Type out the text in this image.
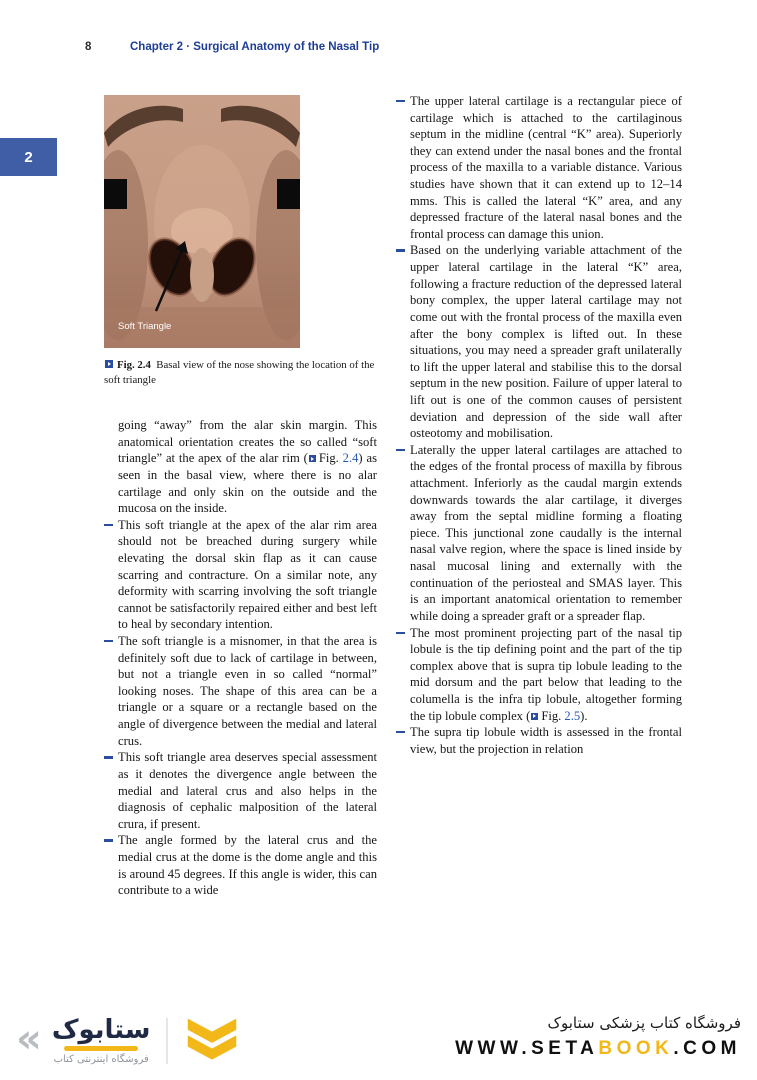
8	Chapter 2 · Surgical Anatomy of the Nasal Tip
2
Soft Triangle
Fig. 2.4 Basal view of the nose showing the location of the soft triangle

going “away” from the alar skin margin. This anatomical orientation creates the so called “soft triangle” at the apex of the alar rim ( Fig. 2.4) as seen in the basal view, where there is no alar cartilage and only skin on the outside and the mucosa on the inside.

This soft triangle at the apex of the alar rim area should not be breached during surgery while elevating the dorsal skin flap as it can cause scarring and contracture. On a similar note, any deformity with scarring involving the soft triangle cannot be satisfactorily repaired either and best left to heal by secondary intention.

The soft triangle is a misnomer, in that the area is definitely soft due to lack of cartilage in between, but not a triangle even in so called “normal” looking noses. The shape of this area can be a triangle or a square or a rectangle based on the angle of divergence between the medial and lateral crus.

This soft triangle area deserves special assessment as it denotes the divergence angle between the medial and lateral crus and also helps in the diagnosis of cephalic malposition of the lateral crura, if present.

The angle formed by the lateral crus and the medial crus at the dome is the dome angle and this is around 45 degrees. If this angle is wider, this can contribute to a wide

The upper lateral cartilage is a rectangular piece of cartilage which is attached to the cartilaginous septum in the midline (central “K” area). Superiorly they can extend under the nasal bones and the frontal process of the maxilla to a variable distance. Various studies have shown that it can extend up to 12–14 mms. This is called the lateral “K” area, and any depressed fracture of the lateral nasal bones and the frontal process can damage this union.

Based on the underlying variable attachment of the upper lateral cartilage in the lateral “K” area, following a fracture reduction of the depressed lateral bony complex, the upper lateral cartilage may not come out with the frontal process of the maxilla even after the bony complex is lifted out. In these situations, you may need a spreader graft unilaterally to lift the upper lateral and stabilise this to the dorsal septum in the new position. Failure of upper lateral to lift out is one of the common causes of persistent deviation and depression of the side wall after osteotomy and mobilisation.

Laterally the upper lateral cartilages are attached to the edges of the frontal process of maxilla by fibrous attachment. Inferiorly as the caudal margin extends downwards towards the alar cartilage, it diverges away from the septal midline forming a floating piece. This junctional zone caudally is the internal nasal valve region, where the space is lined inside by nasal mucosal lining and externally with the continuation of the periosteal and SMAS layer. This is an important anatomical orientation to remember while doing a spreader graft or a spreader flap.

The most prominent projecting part of the nasal tip lobule is the tip defining point and the part of the tip complex above that is supra tip lobule leading to the mid dorsum and the part below that leading to the columella is the infra tip lobule, altogether forming the tip lobule complex ( Fig. 2.5).

The supra tip lobule width is assessed in the frontal view, but the projection in relation

« ستابوک
فروشگاه اینترنتی کتاب
فروشگاه کتاب پزشکی ستابوک
WWW.SETABOOK.COM
